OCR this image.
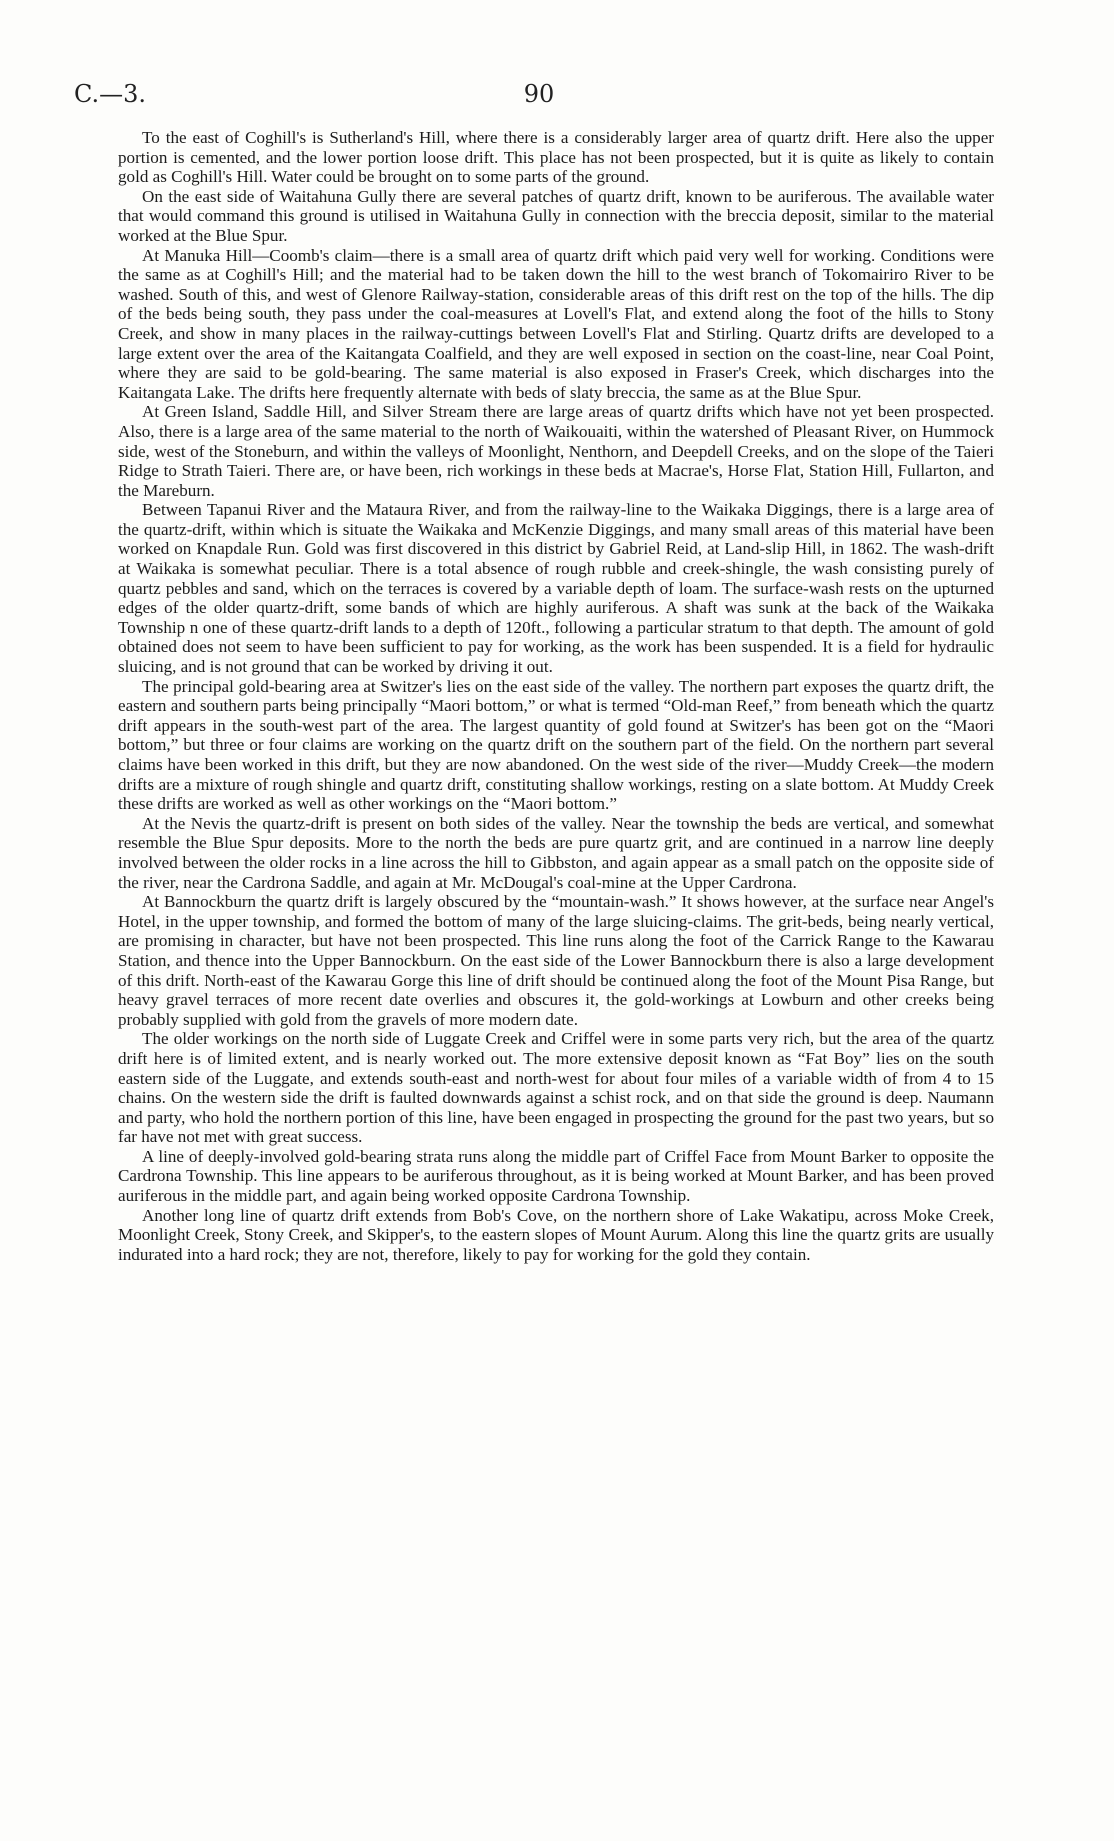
C.—3.	90

To the east of Coghill's is Sutherland's Hill, where there is a considerably larger area of quartz drift. Here also the upper portion is cemented, and the lower portion loose drift. This place has not been prospected, but it is quite as likely to contain gold as Coghill's Hill. Water could be brought on to some parts of the ground.

On the east side of Waitahuna Gully there are several patches of quartz drift, known to be auriferous. The available water that would command this ground is utilised in Waitahuna Gully in connection with the breccia deposit, similar to the material worked at the Blue Spur.

At Manuka Hill—Coomb's claim—there is a small area of quartz drift which paid very well for working. Conditions were the same as at Coghill's Hill; and the material had to be taken down the hill to the west branch of Tokomairiro River to be washed. South of this, and west of Glenore Railway-station, considerable areas of this drift rest on the top of the hills. The dip of the beds being south, they pass under the coal-measures at Lovell's Flat, and extend along the foot of the hills to Stony Creek, and show in many places in the railway-cuttings between Lovell's Flat and Stirling. Quartz drifts are developed to a large extent over the area of the Kaitangata Coalfield, and they are well exposed in section on the coast-line, near Coal Point, where they are said to be gold-bearing. The same material is also exposed in Fraser's Creek, which discharges into the Kaitangata Lake. The drifts here frequently alternate with beds of slaty breccia, the same as at the Blue Spur.

At Green Island, Saddle Hill, and Silver Stream there are large areas of quartz drifts which have not yet been prospected. Also, there is a large area of the same material to the north of Waikouaiti, within the watershed of Pleasant River, on Hummock side, west of the Stoneburn, and within the valleys of Moonlight, Nenthorn, and Deepdell Creeks, and on the slope of the Taieri Ridge to Strath Taieri. There are, or have been, rich workings in these beds at Macrae's, Horse Flat, Station Hill, Fullarton, and the Mareburn.

Between Tapanui River and the Mataura River, and from the railway-line to the Waikaka Diggings, there is a large area of the quartz-drift, within which is situate the Waikaka and McKenzie Diggings, and many small areas of this material have been worked on Knapdale Run. Gold was first discovered in this district by Gabriel Reid, at Land-slip Hill, in 1862. The wash-drift at Waikaka is somewhat peculiar. There is a total absence of rough rubble and creek-shingle, the wash consisting purely of quartz pebbles and sand, which on the terraces is covered by a variable depth of loam. The surface-wash rests on the upturned edges of the older quartz-drift, some bands of which are highly auriferous. A shaft was sunk at the back of the Waikaka Township n one of these quartz-drift lands to a depth of 120ft., following a particular stratum to that depth. The amount of gold obtained does not seem to have been sufficient to pay for working, as the work has been suspended. It is a field for hydraulic sluicing, and is not ground that can be worked by driving it out.

The principal gold-bearing area at Switzer's lies on the east side of the valley. The northern part exposes the quartz drift, the eastern and southern parts being principally “Maori bottom,” or what is termed “Old-man Reef,” from beneath which the quartz drift appears in the south-west part of the area. The largest quantity of gold found at Switzer's has been got on the “Maori bottom,” but three or four claims are working on the quartz drift on the southern part of the field. On the northern part several claims have been worked in this drift, but they are now abandoned. On the west side of the river—Muddy Creek—the modern drifts are a mixture of rough shingle and quartz drift, constituting shallow workings, resting on a slate bottom. At Muddy Creek these drifts are worked as well as other workings on the “Maori bottom.”

At the Nevis the quartz-drift is present on both sides of the valley. Near the township the beds are vertical, and somewhat resemble the Blue Spur deposits. More to the north the beds are pure quartz grit, and are continued in a narrow line deeply involved between the older rocks in a line across the hill to Gibbston, and again appear as a small patch on the opposite side of the river, near the Cardrona Saddle, and again at Mr. McDougal's coal-mine at the Upper Cardrona.

At Bannockburn the quartz drift is largely obscured by the “mountain-wash.” It shows however, at the surface near Angel's Hotel, in the upper township, and formed the bottom of many of the large sluicing-claims. The grit-beds, being nearly vertical, are promising in character, but have not been prospected. This line runs along the foot of the Carrick Range to the Kawarau Station, and thence into the Upper Bannockburn. On the east side of the Lower Bannockburn there is also a large development of this drift. North-east of the Kawarau Gorge this line of drift should be continued along the foot of the Mount Pisa Range, but heavy gravel terraces of more recent date overlies and obscures it, the gold-workings at Lowburn and other creeks being probably supplied with gold from the gravels of more modern date.

The older workings on the north side of Luggate Creek and Criffel were in some parts very rich, but the area of the quartz drift here is of limited extent, and is nearly worked out. The more extensive deposit known as “Fat Boy” lies on the south eastern side of the Luggate, and extends south-east and north-west for about four miles of a variable width of from 4 to 15 chains. On the western side the drift is faulted downwards against a schist rock, and on that side the ground is deep. Naumann and party, who hold the northern portion of this line, have been engaged in prospecting the ground for the past two years, but so far have not met with great success.

A line of deeply-involved gold-bearing strata runs along the middle part of Criffel Face from Mount Barker to opposite the Cardrona Township. This line appears to be auriferous throughout, as it is being worked at Mount Barker, and has been proved auriferous in the middle part, and again being worked opposite Cardrona Township.

Another long line of quartz drift extends from Bob's Cove, on the northern shore of Lake Wakatipu, across Moke Creek, Moonlight Creek, Stony Creek, and Skipper's, to the eastern slopes of Mount Aurum. Along this line the quartz grits are usually indurated into a hard rock; they are not, therefore, likely to pay for working for the gold they contain.
